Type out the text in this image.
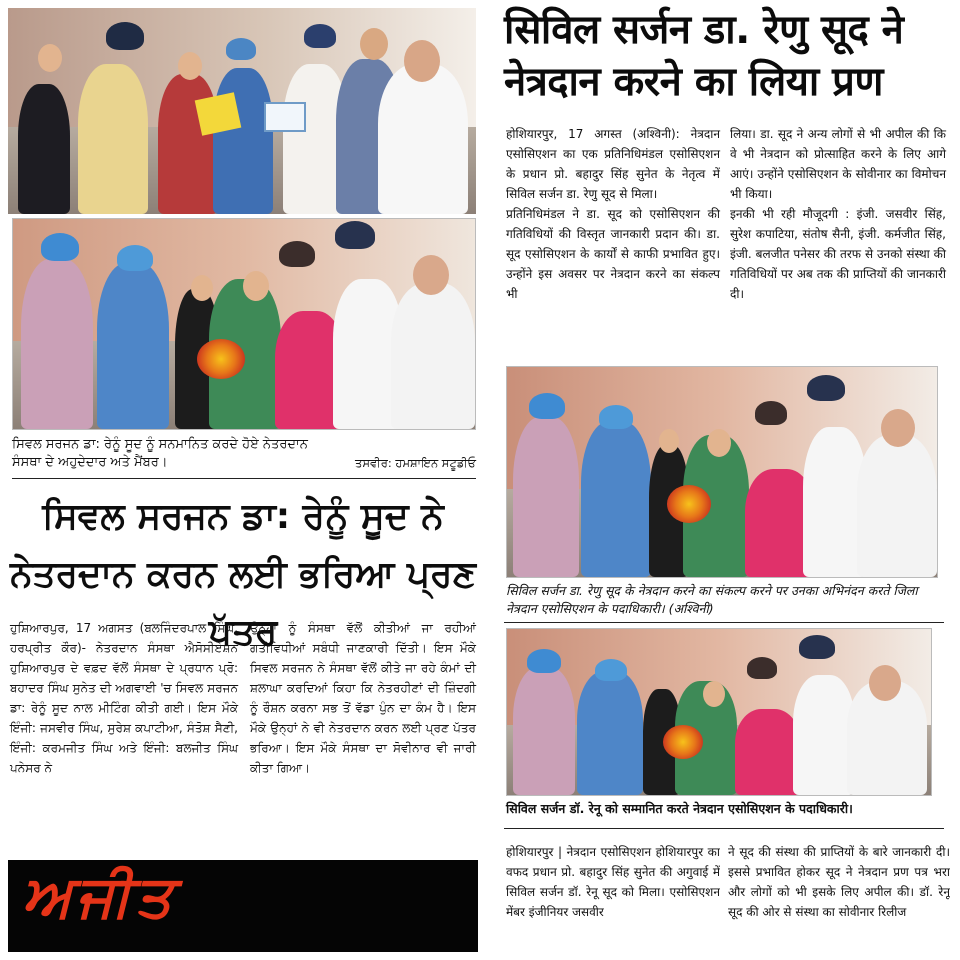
ਸਿਵਲ ਸਰਜਨ ਡਾ: ਰੇਨੂੰ ਸੂਦ ਨੂੰ ਸਨਮਾਨਿਤ ਕਰਦੇ ਹੋਏ ਨੇਤਰਦਾਨ
ਸੰਸਥਾ ਦੇ ਅਹੁਦੇਦਾਰ ਅਤੇ ਮੈਂਬਰ।	ਤਸਵੀਰ: ਹਮਸ਼ਾਇਨ ਸਟੂਡੀਓ
ਸਿਵਲ ਸਰਜਨ ਡਾ: ਰੇਨੂੰ ਸੂਦ ਨੇ
ਨੇਤਰਦਾਨ ਕਰਨ ਲਈ ਭਰਿਆ ਪ੍ਰਣ ਪੱਤਰ
ਹੁਸ਼ਿਆਰਪੁਰ, 17 ਅਗਸਤ (ਬਲਜਿੰਦਰਪਾਲ ਸਿੰਘ, ਹਰਪ੍ਰੀਤ ਕੌਰ)- ਨੇਤਰਦਾਨ ਸੰਸਥਾ ਐਸੋਸੀਏਸ਼ਨ ਹੁਸ਼ਿਆਰਪੁਰ ਦੇ ਵਫ਼ਦ ਵੱਲੋਂ ਸੰਸਥਾ ਦੇ ਪ੍ਰਧਾਨ ਪ੍ਰੋ: ਬਹਾਦਰ ਸਿੰਘ ਸੁਨੇਤ ਦੀ ਅਗਵਾਈ 'ਚ ਸਿਵਲ ਸਰਜਨ ਡਾ: ਰੇਨੂੰ ਸੂਦ ਨਾਲ ਮੀਟਿੰਗ ਕੀਤੀ ਗਈ। ਇਸ ਮੌਕੇ ਇੰਜੀ: ਜਸਵੀਰ ਸਿੰਘ, ਸੁਰੇਸ਼ ਕਪਾਟੀਆ, ਸੰਤੋਸ਼ ਸੈਣੀ, ਇੰਜੀ: ਕਰਮਜੀਤ ਸਿੰਘ ਅਤੇ ਇੰਜੀ: ਬਲਜੀਤ ਸਿੰਘ ਪਨੇਸਰ ਨੇ
ਉਨ੍ਹਾਂ ਨੂੰ ਸੰਸਥਾ ਵੱਲੋਂ ਕੀਤੀਆਂ ਜਾ ਰਹੀਆਂ ਗਤੀਵਿਧੀਆਂ ਸਬੰਧੀ ਜਾਣਕਾਰੀ ਦਿੱਤੀ। ਇਸ ਮੌਕੇ ਸਿਵਲ ਸਰਜਨ ਨੇ ਸੰਸਥਾ ਵੱਲੋਂ ਕੀਤੇ ਜਾ ਰਹੇ ਕੰਮਾਂ ਦੀ ਸ਼ਲਾਘਾ ਕਰਦਿਆਂ ਕਿਹਾ ਕਿ ਨੇਤਰਹੀਣਾਂ ਦੀ ਜ਼ਿੰਦਗੀ ਨੂੰ ਰੌਸ਼ਨ ਕਰਨਾ ਸਭ ਤੋਂ ਵੱਡਾ ਪੁੰਨ ਦਾ ਕੰਮ ਹੈ। ਇਸ ਮੌਕੇ ਉਨ੍ਹਾਂ ਨੇ ਵੀ ਨੇਤਰਦਾਨ ਕਰਨ ਲਈ ਪ੍ਰਣ ਪੱਤਰ ਭਰਿਆ। ਇਸ ਮੌਕੇ ਸੰਸਥਾ ਦਾ ਸੋਵੀਨਾਰ ਵੀ ਜਾਰੀ ਕੀਤਾ ਗਿਆ।
ਅਜੀਤ
सिविल सर्जन डा. रेणु सूद ने
नेत्रदान करने का लिया प्रण
होशियारपुर, 17 अगस्त (अश्विनी): नेत्रदान एसोसिएशन का एक प्रतिनिधिमंडल एसोसिएशन के प्रधान प्रो. बहादुर सिंह सुनेत के नेतृत्व में सिविल सर्जन डा. रेणु सूद से मिला।
प्रतिनिधिमंडल ने डा. सूद को एसोसिएशन की गतिविधियों की विस्तृत जानकारी प्रदान की। डा. सूद एसोसिएशन के कार्यों से काफी प्रभावित हुए। उन्होंने इस अवसर पर नेत्रदान करने का संकल्प भी
लिया। डा. सूद ने अन्य लोगों से भी अपील की कि वे भी नेत्रदान को प्रोत्साहित करने के लिए आगे आएं। उन्होंने एसोसिएशन के सोवीनार का विमोचन भी किया।
इनकी भी रही मौजूदगी : इंजी. जसवीर सिंह, सुरेश कपाटिया, संतोष सैनी, इंजी. कर्मजीत सिंह, इंजी. बलजीत पनेसर की तरफ से उनको संस्था की गतिविधियों पर अब तक की प्राप्तियों की जानकारी दी।
सिविल सर्जन डा. रेणु सूद के नेत्रदान करने का संकल्प करने पर उनका अभिनंदन करते जिला नेत्रदान एसोसिएशन के पदाधिकारी। (अश्विनी)
सिविल सर्जन डॉ. रेनू को सम्मानित करते नेत्रदान एसोसिएशन के पदाधिकारी।
होशियारपुर | नेत्रदान एसोसिएशन होशियारपुर का वफद प्रधान प्रो. बहादुर सिंह सुनेत की अगुवाई में सिविल सर्जन डॉ. रेनू सूद को मिला। एसोसिएशन मेंबर इंजीनियर जसवीर
ने सूद की संस्था की प्राप्तियों के बारे जानकारी दी। इससे प्रभावित होकर सूद ने नेत्रदान प्रण पत्र भरा और लोगों को भी इसके लिए अपील की। डॉ. रेनू सूद की ओर से संस्था का सोवीनार रिलीज
